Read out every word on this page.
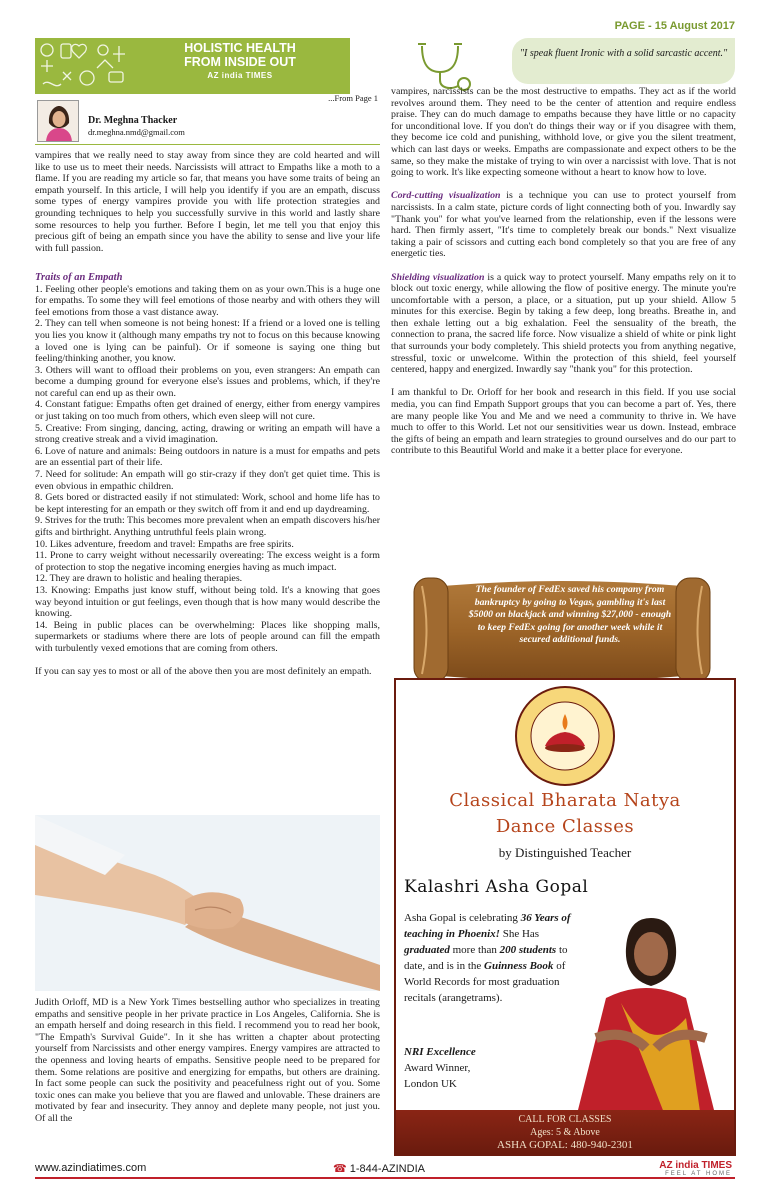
HOLISTIC HEALTH
FROM INSIDE OUT
AZ india TIMES
PAGE - 15 August 2017
"I speak fluent Ironic with a solid sarcastic accent."
Dr. Meghna Thacker
dr.meghna.nmd@gmail.com
...From Page 1

vampires that we really need to stay away from since they are cold hearted and will like to use us to meet their needs. Narcissists will attract to Empaths like a moth to a flame. If you are reading my article so far, that means you have some traits of being an empath yourself. In this article, I will help you identify if you are an empath, discuss some types of energy vampires provide you with life protection strategies and grounding techniques to help you successfully survive in this world and lastly share some resources to help you further. Before I begin, let me tell you that enjoy this precious gift of being an empath since you have the ability to sense and live your life with full passion.

Traits of an Empath

1. Feeling other people's emotions and taking them on as your own.This is a huge one for empaths. To some they will feel emotions of those nearby and with others they will feel emotions from those a vast distance away.

2. They can tell when someone is not being honest: If a friend or a loved one is telling you lies you know it (although many empaths try not to focus on this because knowing a loved one is lying can be painful). Or if someone is saying one thing but feeling/thinking another, you know.

3. Others will want to offload their problems on you, even strangers: An empath can become a dumping ground for everyone else's issues and problems, which, if they're not careful can end up as their own.

4. Constant fatigue: Empaths often get drained of energy, either from energy vampires or just taking on too much from others, which even sleep will not cure.

5. Creative: From singing, dancing, acting, drawing or writing an empath will have a strong creative streak and a vivid imagination.

6. Love of nature and animals: Being outdoors in nature is a must for empaths and pets are an essential part of their life.

7. Need for solitude: An empath will go stir-crazy if they don't get quiet time. This is even obvious in empathic children.

8. Gets bored or distracted easily if not stimulated: Work, school and home life has to be kept interesting for an empath or they switch off from it and end up daydreaming.

9. Strives for the truth: This becomes more prevalent when an empath discovers his/her gifts and birthright. Anything untruthful feels plain wrong.

10. Likes adventure, freedom and travel: Empaths are free spirits.

11. Prone to carry weight without necessarily overeating: The excess weight is a form of protection to stop the negative incoming energies having as much impact.

12. They are drawn to holistic and healing therapies.

13. Knowing: Empaths just know stuff, without being told. It's a knowing that goes way beyond intuition or gut feelings, even though that is how many would describe the knowing.

14. Being in public places can be overwhelming: Places like shopping malls, supermarkets or stadiums where there are lots of people around can fill the empath with turbulently vexed emotions that are coming from others.

If you can say yes to most or all of the above then you are most definitely an empath.

Judith Orloff, MD is a New York Times bestselling author who specializes in treating empaths and sensitive people in her private practice in Los Angeles, California. She is an empath herself and doing research in this field. I recommend you to read her book, "The Empath's Survival Guide". In it she has written a chapter about protecting yourself from Narcissists and other energy vampires. Energy vampires are attracted to the openness and loving hearts of empaths. Sensitive people need to be prepared for them. Some relations are positive and energizing for empaths, but others are draining. In fact some people can suck the positivity and peacefulness right out of you. Some toxic ones can make you believe that you are flawed and unlovable. These drainers are motivated by fear and insecurity. They annoy and deplete many people, not just you. Of all the

vampires, narcissists can be the most destructive to empaths. They act as if the world revolves around them. They need to be the center of attention and require endless praise. They can do much damage to empaths because they have little or no capacity for unconditional love. If you don't do things their way or if you disagree with them, they become ice cold and punishing, withhold love, or give you the silent treatment, which can last days or weeks. Empaths are compassionate and expect others to be the same, so they make the mistake of trying to win over a narcissist with love. That is not going to work. It's like expecting someone without a heart to know how to love.

Cord-cutting visualization is a technique you can use to protect yourself from narcissists. In a calm state, picture cords of light connecting both of you. Inwardly say "Thank you" for what you've learned from the relationship, even if the lessons were hard. Then firmly assert, "It's time to completely break our bonds." Next visualize taking a pair of scissors and cutting each bond completely so that you are free of any energetic ties.

Shielding visualization is a quick way to protect yourself. Many empaths rely on it to block out toxic energy, while allowing the flow of positive energy. The minute you're uncomfortable with a person, a place, or a situation, put up your shield. Allow 5 minutes for this exercise. Begin by taking a few deep, long breaths. Breathe in, and then exhale letting out a big exhalation. Feel the sensuality of the breath, the connection to prana, the sacred life force. Now visualize a shield of white or pink light that surrounds your body completely. This shield protects you from anything negative, stressful, toxic or unwelcome. Within the protection of this shield, feel yourself centered, happy and energized. Inwardly say "thank you" for this protection.

I am thankful to Dr. Orloff for her book and research in this field. If you use social media, you can find Empath Support groups that you can become a part of. Yes, there are many people like You and Me and we need a community to thrive in. We have much to offer to this World. Let not our sensitivities wear us down. Instead, embrace the gifts of being an empath and learn strategies to ground ourselves and do our part to contribute to this Beautiful World and make it a better place for everyone.

The founder of FedEx saved his company from bankruptcy by going to Vegas, gambling it's last $5000 on blackjack and winning $27,000 - enough to keep FedEx going for another week while it secured additional funds.
Classical Bharata Natya
Dance Classes
by Distinguished Teacher
Kalashri Asha Gopal
Asha Gopal is celebrating 36 Years of teaching in Phoenix! She Has graduated more than 200 students to date, and is in the Guinness Book of World Records for most graduation recitals (arangetrams).
NRI Excellence
Award Winner,
London UK
CALL FOR CLASSES
Ages: 5 & Above
ASHA GOPAL: 480-940-2301
www.azindiatimes.com	☎ 1-844-AZINDIA	AZ india TIMES
FEEL AT HOME
